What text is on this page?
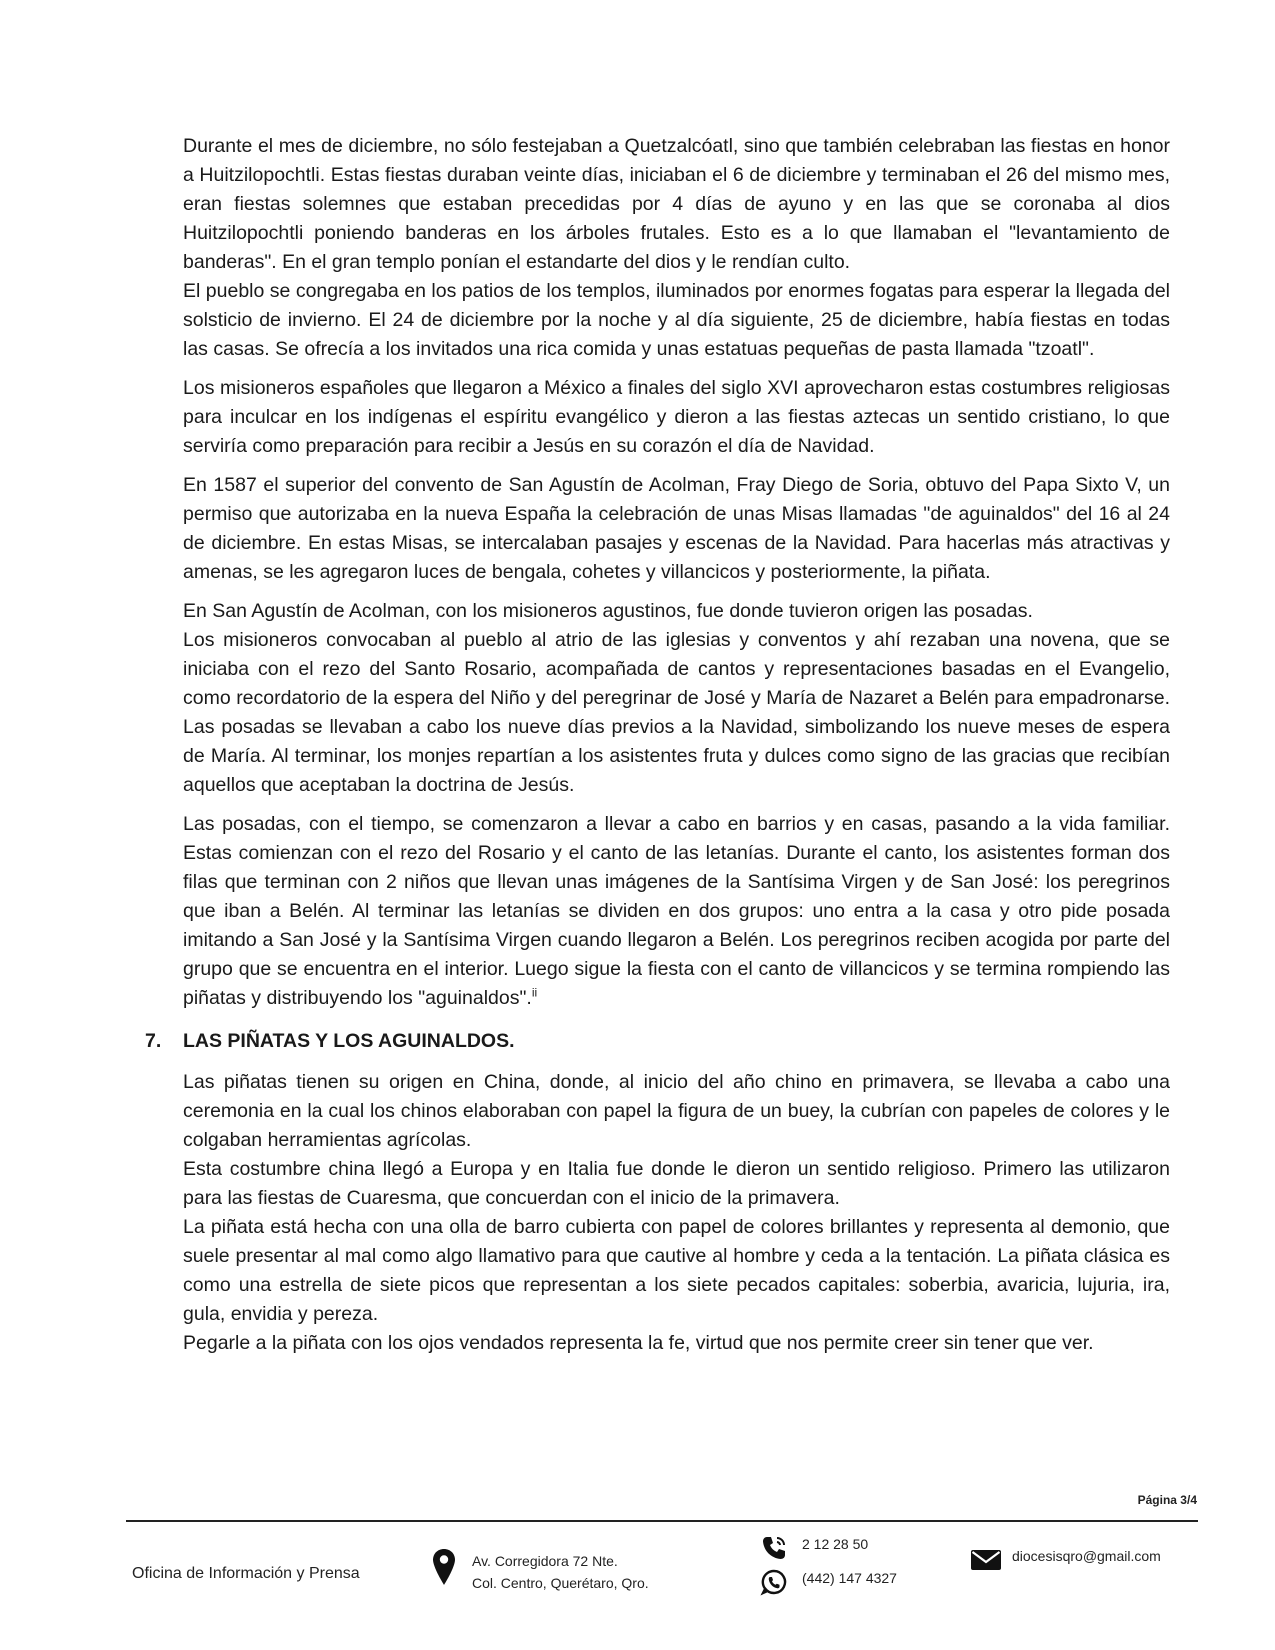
Durante el mes de diciembre, no sólo festejaban a Quetzalcóatl, sino que también celebraban las fiestas en honor a Huitzilopochtli. Estas fiestas duraban veinte días, iniciaban el 6 de diciembre y terminaban el 26 del mismo mes, eran fiestas solemnes que estaban precedidas por 4 días de ayuno y en las que se coronaba al dios Huitzilopochtli poniendo banderas en los árboles frutales. Esto es a lo que llamaban el "levantamiento de banderas". En el gran templo ponían el estandarte del dios y le rendían culto.

El pueblo se congregaba en los patios de los templos, iluminados por enormes fogatas para esperar la llegada del solsticio de invierno. El 24 de diciembre por la noche y al día siguiente, 25 de diciembre, había fiestas en todas las casas. Se ofrecía a los invitados una rica comida y unas estatuas pequeñas de pasta llamada "tzoatl".

Los misioneros españoles que llegaron a México a finales del siglo XVI aprovecharon estas costumbres religiosas para inculcar en los indígenas el espíritu evangélico y dieron a las fiestas aztecas un sentido cristiano, lo que serviría como preparación para recibir a Jesús en su corazón el día de Navidad.

En 1587 el superior del convento de San Agustín de Acolman, Fray Diego de Soria, obtuvo del Papa Sixto V, un permiso que autorizaba en la nueva España la celebración de unas Misas llamadas "de aguinaldos" del 16 al 24 de diciembre. En estas Misas, se intercalaban pasajes y escenas de la Navidad. Para hacerlas más atractivas y amenas, se les agregaron luces de bengala, cohetes y villancicos y posteriormente, la piñata.

En San Agustín de Acolman, con los misioneros agustinos, fue donde tuvieron origen las posadas.

Los misioneros convocaban al pueblo al atrio de las iglesias y conventos y ahí rezaban una novena, que se iniciaba con el rezo del Santo Rosario, acompañada de cantos y representaciones basadas en el Evangelio, como recordatorio de la espera del Niño y del peregrinar de José y María de Nazaret a Belén para empadronarse. Las posadas se llevaban a cabo los nueve días previos a la Navidad, simbolizando los nueve meses de espera de María. Al terminar, los monjes repartían a los asistentes fruta y dulces como signo de las gracias que recibían aquellos que aceptaban la doctrina de Jesús.

Las posadas, con el tiempo, se comenzaron a llevar a cabo en barrios y en casas, pasando a la vida familiar. Estas comienzan con el rezo del Rosario y el canto de las letanías. Durante el canto, los asistentes forman dos filas que terminan con 2 niños que llevan unas imágenes de la Santísima Virgen y de San José: los peregrinos que iban a Belén. Al terminar las letanías se dividen en dos grupos: uno entra a la casa y otro pide posada imitando a San José y la Santísima Virgen cuando llegaron a Belén. Los peregrinos reciben acogida por parte del grupo que se encuentra en el interior. Luego sigue la fiesta con el canto de villancicos y se termina rompiendo las piñatas y distribuyendo los "aguinaldos".$^{ii}$

7. LAS PIÑATAS Y LOS AGUINALDOS.

Las piñatas tienen su origen en China, donde, al inicio del año chino en primavera, se llevaba a cabo una ceremonia en la cual los chinos elaboraban con papel la figura de un buey, la cubrían con papeles de colores y le colgaban herramientas agrícolas.

Esta costumbre china llegó a Europa y en Italia fue donde le dieron un sentido religioso. Primero las utilizaron para las fiestas de Cuaresma, que concuerdan con el inicio de la primavera.

La piñata está hecha con una olla de barro cubierta con papel de colores brillantes y representa al demonio, que suele presentar al mal como algo llamativo para que cautive al hombre y ceda a la tentación. La piñata clásica es como una estrella de siete picos que representan a los siete pecados capitales: soberbia, avaricia, lujuria, ira, gula, envidia y pereza.

Pegarle a la piñata con los ojos vendados representa la fe, virtud que nos permite creer sin tener que ver.

Página 3/4
Oficina de Información y Prensa
Av. Corregidora 72 Nte.
Col. Centro, Querétaro, Qro.
2 12 28 50
(442) 147 4327
diocesisqro@gmail.com
